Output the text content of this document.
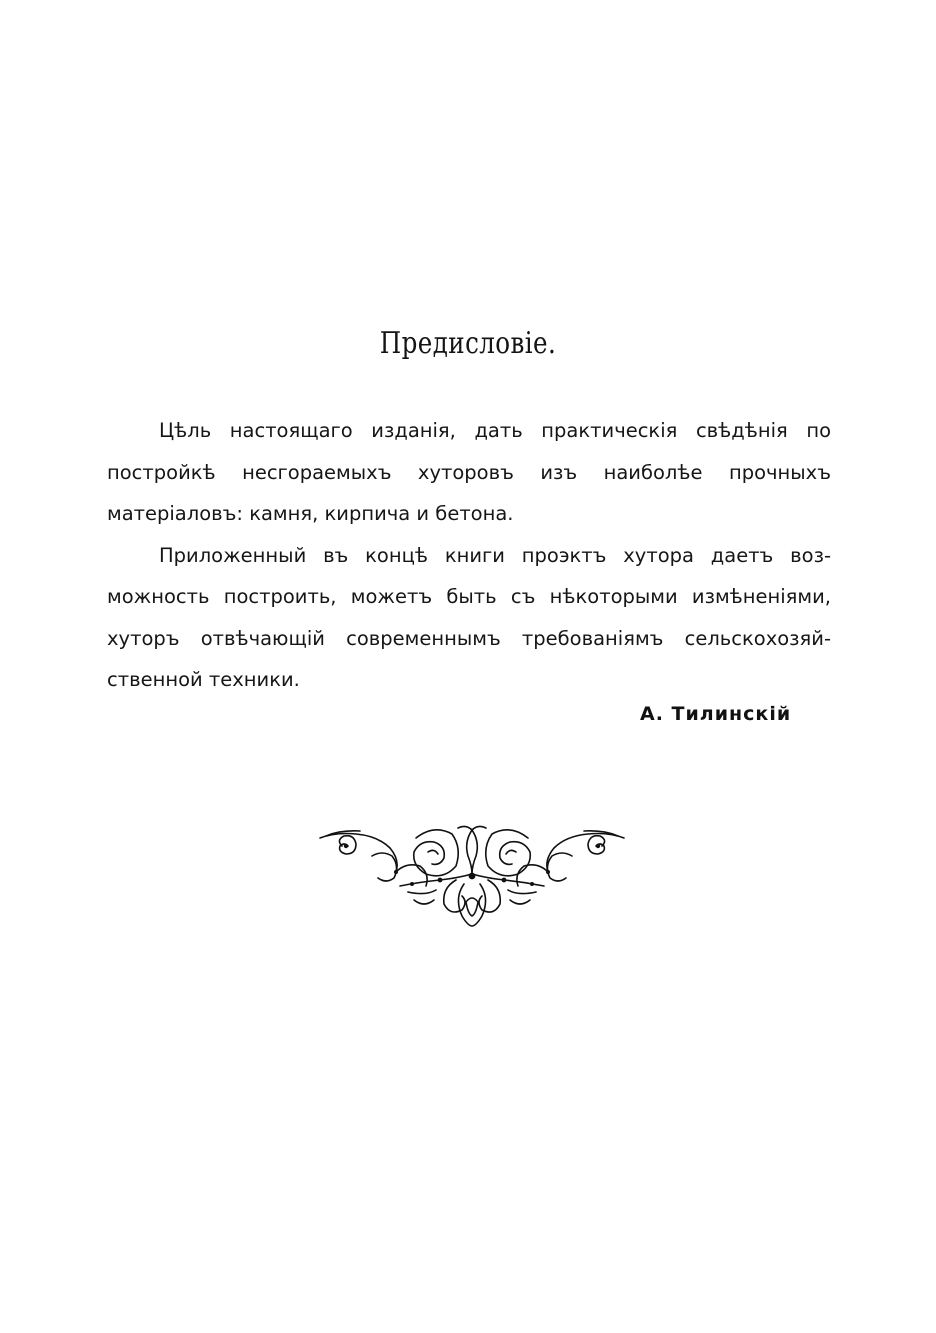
Предисловіе.
Цѣль настоящаго изданія, дать практическія свѣдѣнія по
постройкѣ несгораемыхъ хуторовъ изъ наиболѣе прочныхъ
матеріаловъ: камня, кирпича и бетона.
Приложенный въ концѣ книги проэктъ хутора даетъ воз-
можность построить, можетъ быть съ нѣкоторыми измѣненіями,
хуторъ отвѣчающій современнымъ требованіямъ сельскохозяй-
ственной техники.
А. Тилинскій
